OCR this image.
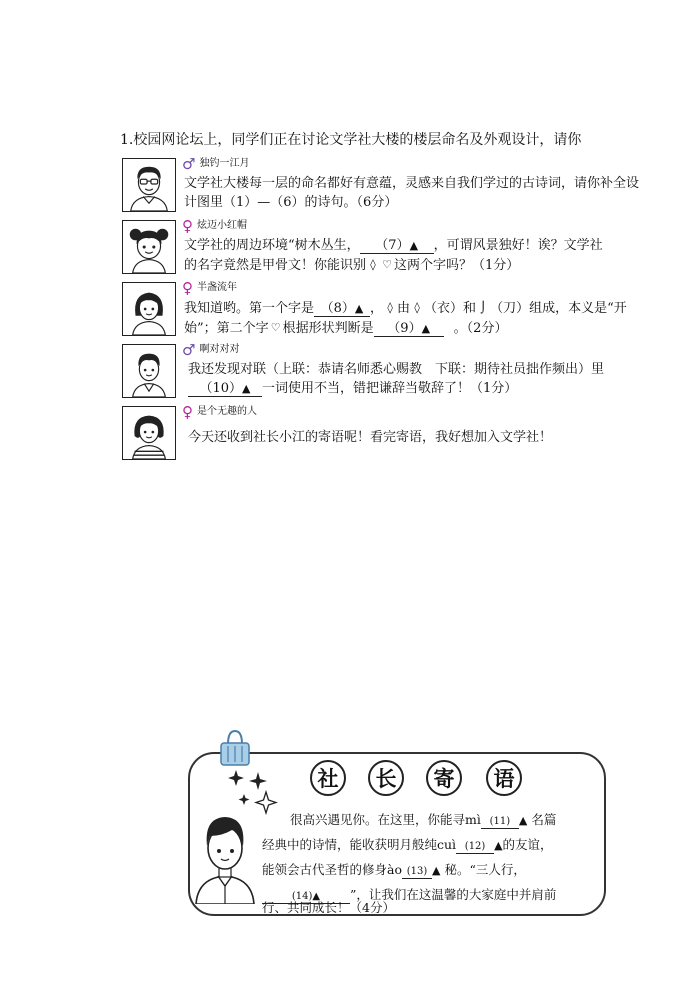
1.校园网论坛上，同学们正在讨论文学社大楼的楼层命名及外观设计，请你
♂ 独钓一江月
文学社大楼每一层的命名都好有意蕴，灵感来自我们学过的古诗词，请你补全设
计图里（1）—（6）的诗句。（6分）
♀ 炫迈小红帽
文学社的周边环境“树木丛生， （7）▲ ，可谓风景独好！诶？文学社
的名字竟然是甲骨文！你能识别 ◊ ♡ 这两个字吗？（1分）
♀ 半盏流年
我知道哟。第一个字是 （8）▲ ， ◊ 由 ◊ （衣）和 ⌡ （刀）组成，本义是“开
始”；第二个字 ♡ 根据形状判断是 （9）▲ 。（2分）
♂ 啊对对对
我还发现对联（上联：恭请名师悉心赐教　下联：期待社员拙作频出）里
（10）▲ 一词使用不当，错把谦辞当敬辞了！（1分）
♀ 是个无趣的人
今天还收到社长小江的寄语呢！看完寄语，我好想加入文学社！
社	长	寄	语
很高兴遇见你。在这里，你能寻mì (11) ▲ 名篇
经典中的诗情，能收获明月般纯cuì (12) ▲的友谊，
能领会古代圣哲的修身ào (13) ▲ 秘。“三人行，
(14)▲ ”，让我们在这温馨的大家庭中并肩前
行、共同成长！（4分）
